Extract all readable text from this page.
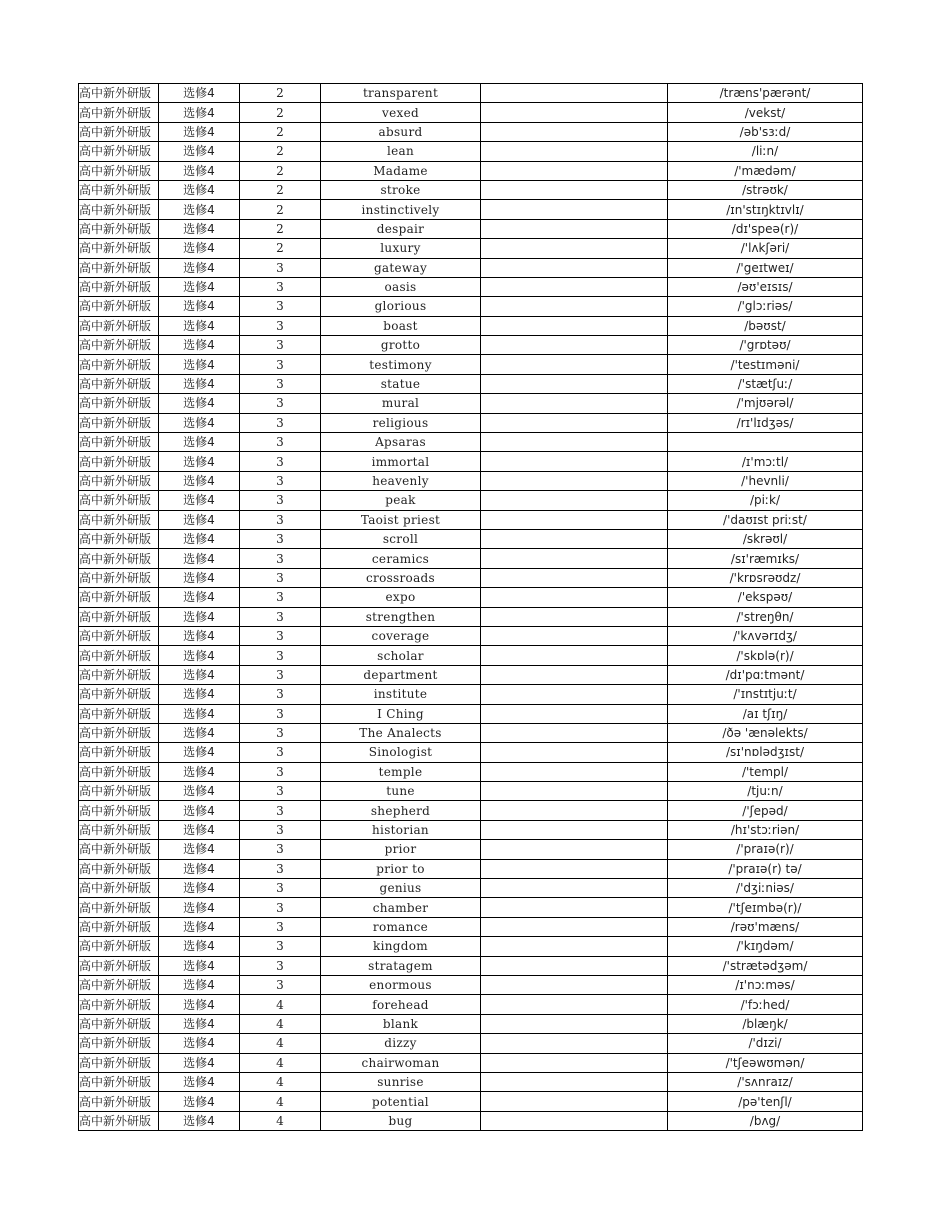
高中新外研版	选修4	2	transparent		/træns'pærənt/
高中新外研版	选修4	2	vexed		/vekst/
高中新外研版	选修4	2	absurd		/əb'sɜːd/
高中新外研版	选修4	2	lean		/liːn/
高中新外研版	选修4	2	Madame		/'mædəm/
高中新外研版	选修4	2	stroke		/strəʊk/
高中新外研版	选修4	2	instinctively		/ɪn'stɪŋktɪvlɪ/
高中新外研版	选修4	2	despair		/dɪ'speə(r)/
高中新外研版	选修4	2	luxury		/'lʌkʃəri/
高中新外研版	选修4	3	gateway		/'geɪtweɪ/
高中新外研版	选修4	3	oasis		/əʊ'eɪsɪs/
高中新外研版	选修4	3	glorious		/'glɔːriəs/
高中新外研版	选修4	3	boast		/bəʊst/
高中新外研版	选修4	3	grotto		/'grɒtəʊ/
高中新外研版	选修4	3	testimony		/'testɪməni/
高中新外研版	选修4	3	statue		/'stætʃuː/
高中新外研版	选修4	3	mural		/'mjʊərəl/
高中新外研版	选修4	3	religious		/rɪ'lɪdʒəs/
高中新外研版	选修4	3	Apsaras		
高中新外研版	选修4	3	immortal		/ɪ'mɔːtl/
高中新外研版	选修4	3	heavenly		/'hevnli/
高中新外研版	选修4	3	peak		/piːk/
高中新外研版	选修4	3	Taoist priest		/'daʊɪst priːst/
高中新外研版	选修4	3	scroll		/skrəʊl/
高中新外研版	选修4	3	ceramics		/sɪ'ræmɪks/
高中新外研版	选修4	3	crossroads		/'krɒsrəʊdz/
高中新外研版	选修4	3	expo		/'ekspəʊ/
高中新外研版	选修4	3	strengthen		/'streŋθn/
高中新外研版	选修4	3	coverage		/'kʌvərɪdʒ/
高中新外研版	选修4	3	scholar		/'skɒlə(r)/
高中新外研版	选修4	3	department		/dɪ'pɑːtmənt/
高中新外研版	选修4	3	institute		/'ɪnstɪtjuːt/
高中新外研版	选修4	3	I Ching		/aɪ tʃɪŋ/
高中新外研版	选修4	3	The Analects		/ðə 'ænəlekts/
高中新外研版	选修4	3	Sinologist		/sɪ'nɒlədʒɪst/
高中新外研版	选修4	3	temple		/'templ/
高中新外研版	选修4	3	tune		/tjuːn/
高中新外研版	选修4	3	shepherd		/'ʃepəd/
高中新外研版	选修4	3	historian		/hɪ'stɔːriən/
高中新外研版	选修4	3	prior		/'praɪə(r)/
高中新外研版	选修4	3	prior to		/'praɪə(r) tə/
高中新外研版	选修4	3	genius		/'dʒiːniəs/
高中新外研版	选修4	3	chamber		/'tʃeɪmbə(r)/
高中新外研版	选修4	3	romance		/rəʊ'mæns/
高中新外研版	选修4	3	kingdom		/'kɪŋdəm/
高中新外研版	选修4	3	stratagem		/'strætədʒəm/
高中新外研版	选修4	3	enormous		/ɪ'nɔːməs/
高中新外研版	选修4	4	forehead		/'fɔːhed/
高中新外研版	选修4	4	blank		/blæŋk/
高中新外研版	选修4	4	dizzy		/'dɪzi/
高中新外研版	选修4	4	chairwoman		/'tʃeəwʊmən/
高中新外研版	选修4	4	sunrise		/'sʌnraɪz/
高中新外研版	选修4	4	potential		/pə'tenʃl/
高中新外研版	选修4	4	bug		/bʌg/
